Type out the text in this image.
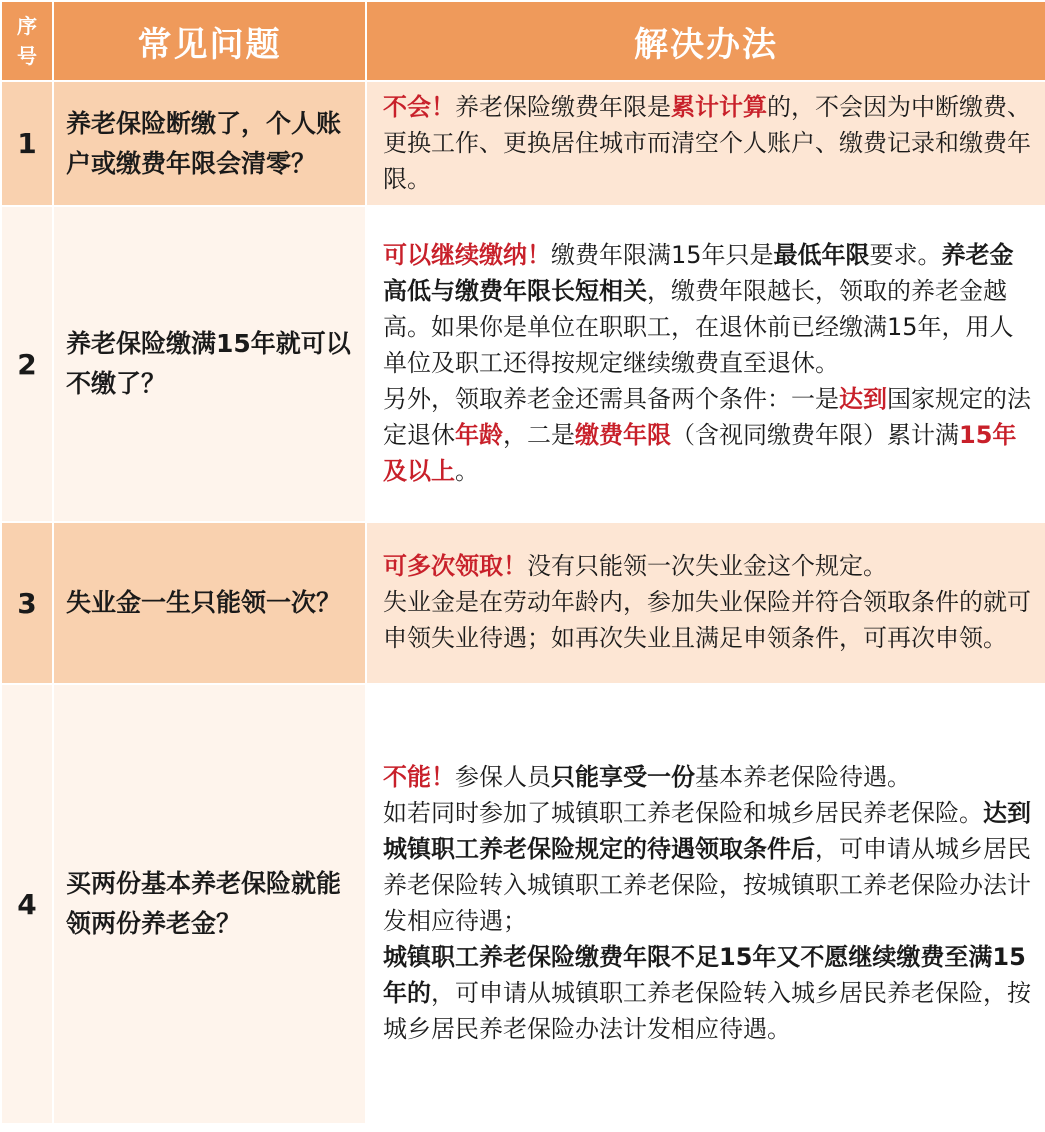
序
号	常见问题	解决办法
1	养老保险断缴了，个人账户或缴费年限会清零？	不会！养老保险缴费年限是累计计算的，不会因为中断缴费、更换工作、更换居住城市而清空个人账户、缴费记录和缴费年限。

2	养老保险缴满15年就可以不缴了？	可以继续缴纳！缴费年限满15年只是最低年限要求。养老金高低与缴费年限长短相关，缴费年限越长，领取的养老金越高。如果你是单位在职职工，在退休前已经缴满15年，用人单位及职工还得按规定继续缴费直至退休。

另外，领取养老金还需具备两个条件：一是达到国家规定的法定退休年龄，二是缴费年限（含视同缴费年限）累计满15年及以上。

3	失业金一生只能领一次？	可多次领取！没有只能领一次失业金这个规定。

失业金是在劳动年龄内，参加失业保险并符合领取条件的就可申领失业待遇；如再次失业且满足申领条件，可再次申领。

4	买两份基本养老保险就能领两份养老金？	不能！参保人员只能享受一份基本养老保险待遇。

如若同时参加了城镇职工养老保险和城乡居民养老保险。达到城镇职工养老保险规定的待遇领取条件后，可申请从城乡居民养老保险转入城镇职工养老保险，按城镇职工养老保险办法计发相应待遇；

城镇职工养老保险缴费年限不足15年又不愿继续缴费至满15年的，可申请从城镇职工养老保险转入城乡居民养老保险，按城乡居民养老保险办法计发相应待遇。
